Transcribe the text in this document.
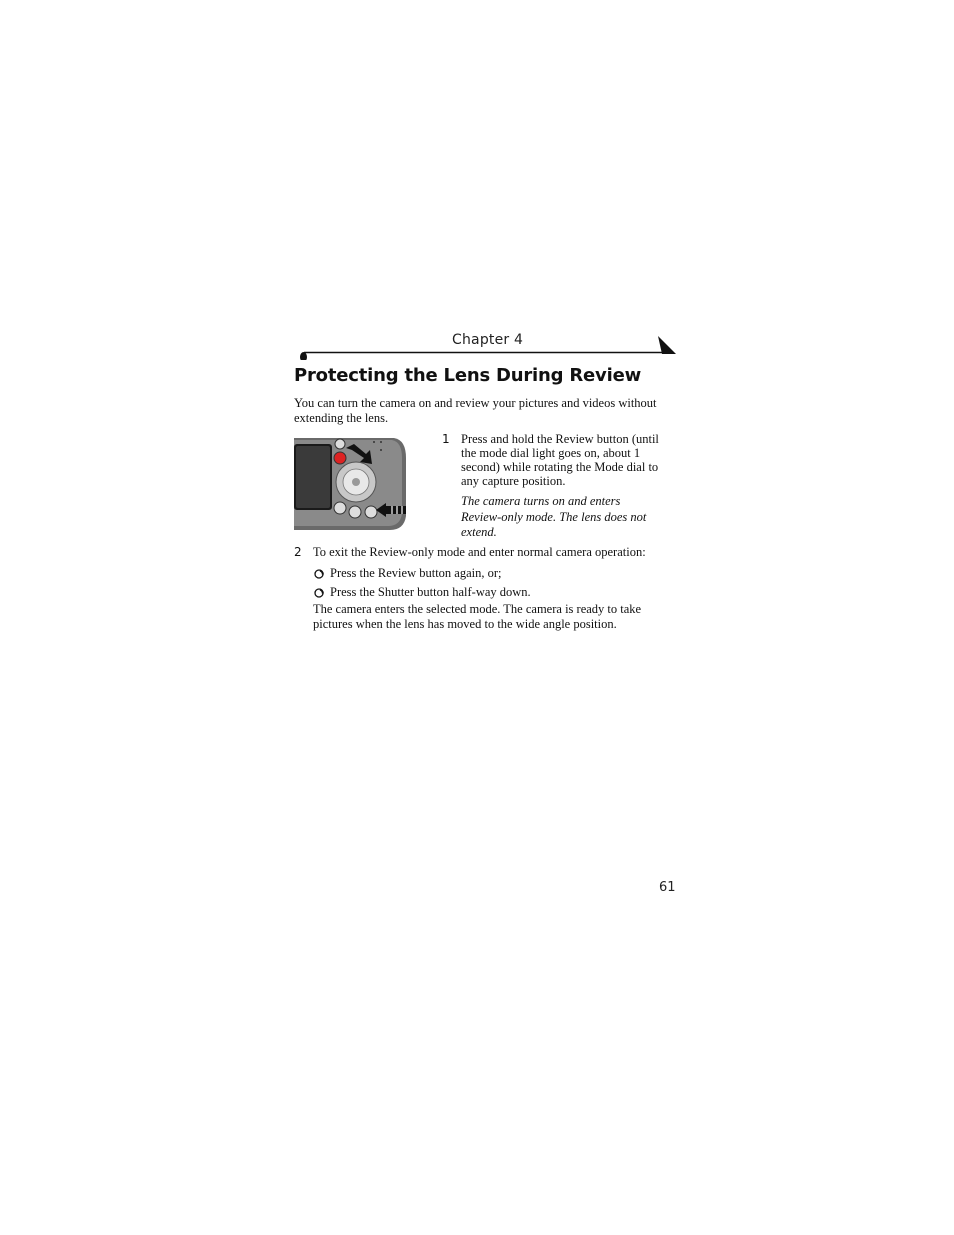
Chapter 4
Protecting the Lens During Review

You can turn the camera on and review your pictures and videos without extending the lens.

1 Press and hold the Review button (until the mode dial light goes on, about 1 second) while rotating the Mode dial to any capture position.

The camera turns on and enters Review-only mode. The lens does not extend.

2 To exit the Review-only mode and enter normal camera operation:

Press the Review button again, or;
Press the Shutter button half-way down.

The camera enters the selected mode. The camera is ready to take pictures when the lens has moved to the wide angle position.

61
